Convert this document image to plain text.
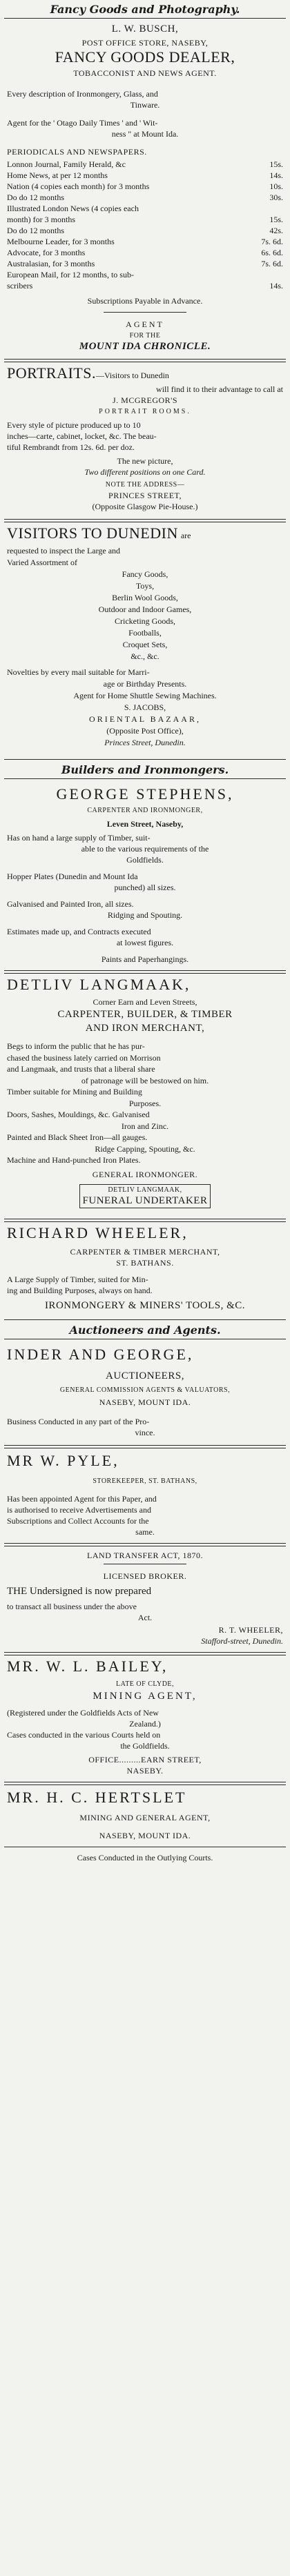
Fancy Goods and Photography.
L. W. BUSCH,
POST OFFICE STORE, NASEBY,
FANCY GOODS DEALER,
TOBACCONIST AND NEWS AGENT.
Every description of Ironmongery, Glass, and
Tinware.
Agent for the ' Otago Daily Times ' and ' Wit-
ness " at Mount Ida.
PERIODICALS AND NEWSPAPERS.
Lonnon Journal, Family Herald, &c	15s.
Home News, at per 12 months	14s.
Nation (4 copies each month) for 3 months	10s.
Do do 12 months	30s.
Illustrated London News (4 copies each
month) for 3 months	15s.
Do do 12 months	42s.
Melbourne Leader, for 3 months	7s. 6d.
Advocate, for 3 months	6s. 6d.
Australasian, for 3 months	7s. 6d.
European Mail, for 12 months, to sub-
scribers	14s.
Subscriptions Payable in Advance.
AGENT
FOR THE
MOUNT IDA CHRONICLE.
PORTRAITS.—Visitors to Dunedin
will find it to their advantage to call at
J. MCGREGOR'S
PORTRAIT ROOMS.
Every style of picture produced up to 10
inches—carte, cabinet, locket, &c. The beau-
tiful Rembrandt from 12s. 6d. per doz.
The new picture,
Two different positions on one Card.
NOTE THE ADDRESS—
PRINCES STREET,
(Opposite Glasgow Pie-House.)
VISITORS TO DUNEDIN are
requested to inspect the Large and
Varied Assortment of
Fancy Goods,
Toys,
Berlin Wool Goods,
Outdoor and Indoor Games,
Cricketing Goods,
Footballs,
Croquet Sets,
&c., &c.
Novelties by every mail suitable for Marri-
age or Birthday Presents.
Agent for Home Shuttle Sewing Machines.
S. JACOBS,
ORIENTAL BAZAAR,
(Opposite Post Office),
Princes Street, Dunedin.
Builders and Ironmongers.
GEORGE STEPHENS,
CARPENTER AND IRONMONGER,
Leven Street, Naseby,
Has on hand a large supply of Timber, suit-
able to the various requirements of the
Goldfields.
Hopper Plates (Dunedin and Mount Ida
punched) all sizes.
Galvanised and Painted Iron, all sizes.
Ridging and Spouting.
Estimates made up, and Contracts executed
at lowest figures.
Paints and Paperhangings.
DETLIV LANGMAAK,
Corner Earn and Leven Streets,
CARPENTER, BUILDER, & TIMBER
AND IRON MERCHANT,
Begs to inform the public that he has pur-
chased the business lately carried on Morrison
and Langmaak, and trusts that a liberal share
of patronage will be bestowed on him.
Timber suitable for Mining and Building
Purposes.
Doors, Sashes, Mouldings, &c. Galvanised
Iron and Zinc.
Painted and Black Sheet Iron—all gauges.
Ridge Capping, Spouting, &c.
Machine and Hand-punched Iron Plates.
GENERAL IRONMONGER.
DETLIV LANGMAAK,
FUNERAL UNDERTAKER
RICHARD WHEELER,
CARPENTER & TIMBER MERCHANT,
ST. BATHANS.
A Large Supply of Timber, suited for Min-
ing and Building Purposes, always on hand.
IRONMONGERY & MINERS' TOOLS, &C.
Auctioneers and Agents.
INDER AND GEORGE,
AUCTIONEERS,
GENERAL COMMISSION AGENTS & VALUATORS,
NASEBY, MOUNT IDA.
Business Conducted in any part of the Pro-
vince.
MR W. PYLE,
STOREKEEPER, ST. BATHANS,
Has been appointed Agent for this Paper, and
is authorised to receive Advertisements and
Subscriptions and Collect Accounts for the
same.
LAND TRANSFER ACT, 1870.
LICENSED BROKER.
THE Undersigned is now prepared
to transact all business under the above
Act.
R. T. WHEELER,
Stafford-street, Dunedin.
MR. W. L. BAILEY,
LATE OF CLYDE,
MINING AGENT,
(Registered under the Goldfields Acts of New
Zealand.)
Cases conducted in the various Courts held on
the Goldfields.
OFFICE.........EARN STREET,
NASEBY.
MR. H. C. HERTSLET
MINING AND GENERAL AGENT,
NASEBY, MOUNT IDA.
Cases Conducted in the Outlying Courts.
